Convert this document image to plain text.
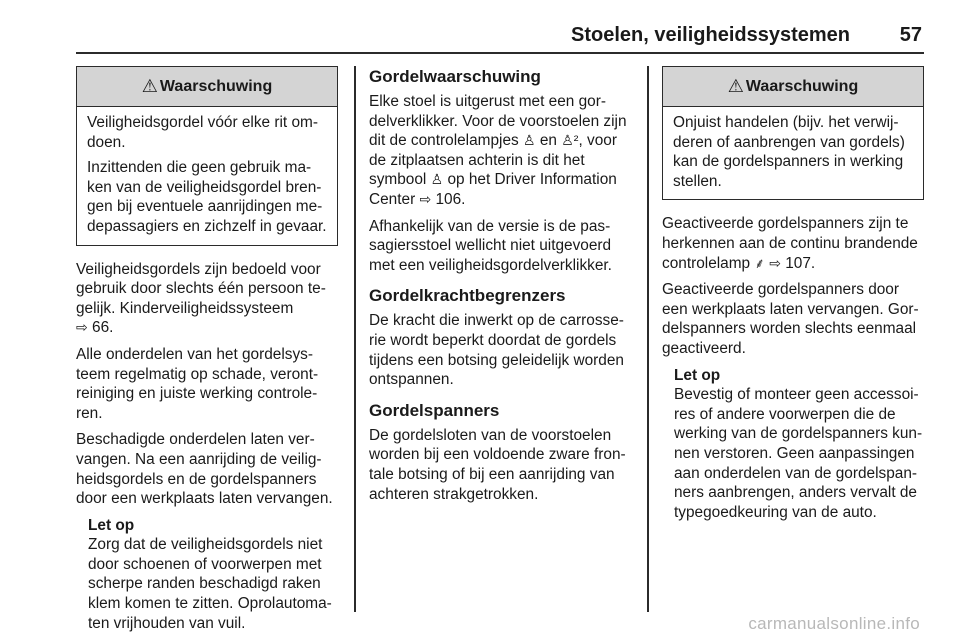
Stoelen, veiligheidssystemen 57
⚠ Waarschuwing

Veiligheidsgordel vóór elke rit om-doen.

Inzittenden die geen gebruik ma-ken van de veiligheidsgordel bren-gen bij eventuele aanrijdingen me-depassagiers en zichzelf in gevaar.

Veiligheidsgordels zijn bedoeld voor gebruik door slechts één persoon te-gelijk. Kinderveiligheidssysteem
⇨ 66.

Alle onderdelen van het gordelsys-teem regelmatig op schade, veront-reiniging en juiste werking controle-ren.

Beschadigde onderdelen laten ver-vangen. Na een aanrijding de veilig-heidsgordels en de gordelspanners door een werkplaats laten vervangen.

Let op
Zorg dat de veiligheidsgordels niet door schoenen of voorwerpen met scherpe randen beschadigd raken klem komen te zitten. Oprolautoma-ten vrijhouden van vuil.
Gordelwaarschuwing

Elke stoel is uitgerust met een gor-delverklikker. Voor de voorstoelen zijn dit de controlelampjes ♙ en ♙², voor de zitplaatsen achterin is dit het symbool ♙ op het Driver Information Center ⇨ 106.

Afhankelijk van de versie is de pas-sagiersstoel wellicht niet uitgevoerd met een veiligheidsgordelverklikker.

Gordelkrachtbegrenzers

De kracht die inwerkt op de carrosse-rie wordt beperkt doordat de gordels tijdens een botsing geleidelijk worden ontspannen.

Gordelspanners

De gordelsloten van de voorstoelen worden bij een voldoende zware fron-tale botsing of bij een aanrijding van achteren strakgetrokken.

⚠ Waarschuwing

Onjuist handelen (bijv. het verwij-deren of aanbrengen van gordels) kan de gordelspanners in werking stellen.

Geactiveerde gordelspanners zijn te herkennen aan de continu brandende controlelamp ⸙ ⇨ 107.

Geactiveerde gordelspanners door een werkplaats laten vervangen. Gor-delspanners worden slechts eenmaal geactiveerd.

Let op
Bevestig of monteer geen accessoi-res of andere voorwerpen die de werking van de gordelspanners kun-nen verstoren. Geen aanpassingen aan onderdelen van de gordelspan-ners aanbrengen, anders vervalt de typegoedkeuring van de auto.
carmanualsonline.info
